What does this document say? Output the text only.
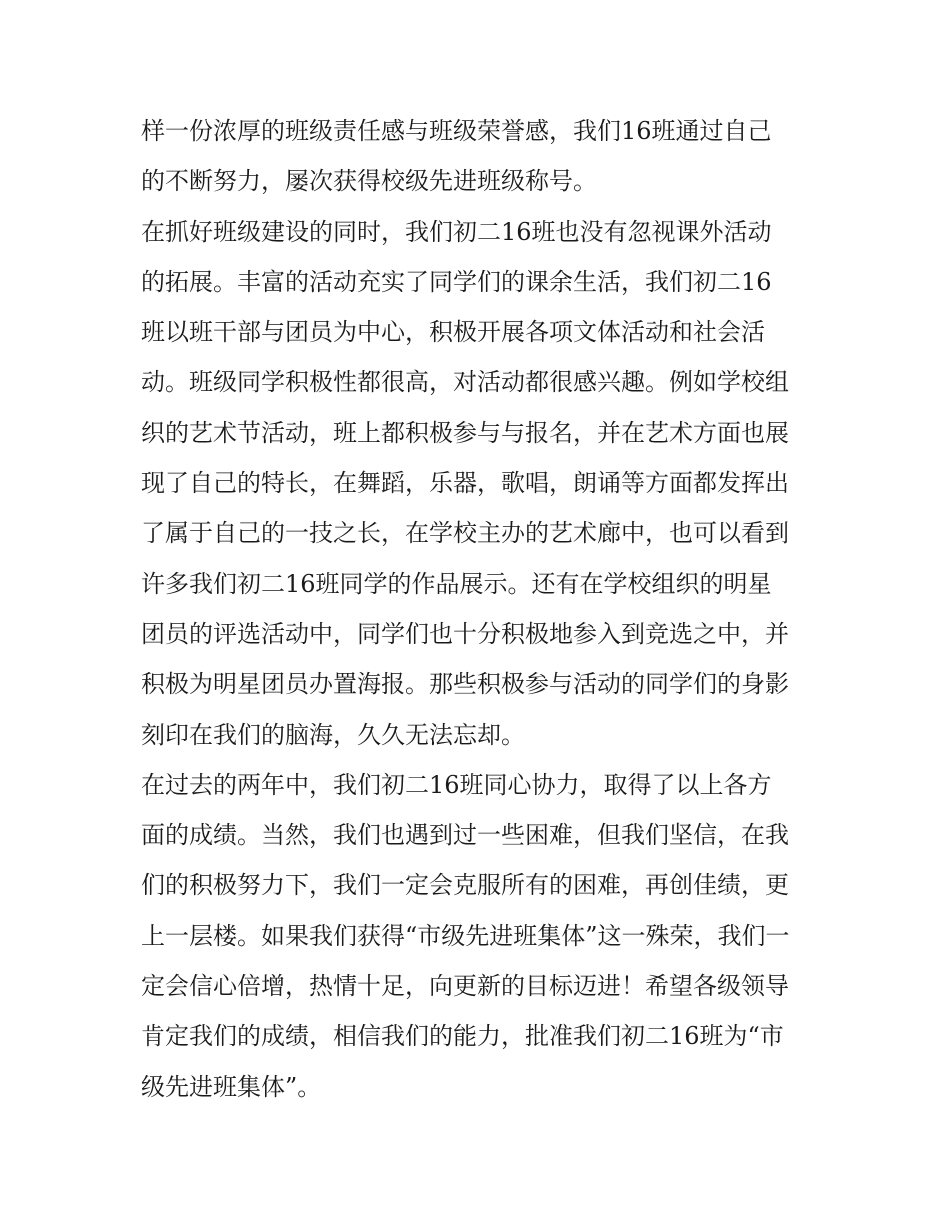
样一份浓厚的班级责任感与班级荣誉感，我们16班通过自己

的不断努力，屡次获得校级先进班级称号。

在抓好班级建设的同时，我们初二16班也没有忽视课外活动

的拓展。丰富的活动充实了同学们的课余生活，我们初二16

班以班干部与团员为中心，积极开展各项文体活动和社会活

动。班级同学积极性都很高，对活动都很感兴趣。例如学校组

织的艺术节活动，班上都积极参与与报名，并在艺术方面也展

现了自己的特长，在舞蹈，乐器，歌唱，朗诵等方面都发挥出

了属于自己的一技之长，在学校主办的艺术廊中，也可以看到

许多我们初二16班同学的作品展示。还有在学校组织的明星

团员的评选活动中，同学们也十分积极地参入到竞选之中，并

积极为明星团员办置海报。那些积极参与活动的同学们的身影

刻印在我们的脑海，久久无法忘却。

在过去的两年中，我们初二16班同心协力，取得了以上各方

面的成绩。当然，我们也遇到过一些困难，但我们坚信，在我

们的积极努力下，我们一定会克服所有的困难，再创佳绩，更

上一层楼。如果我们获得“市级先进班集体”这一殊荣，我们一

定会信心倍增，热情十足，向更新的目标迈进！希望各级领导

肯定我们的成绩，相信我们的能力，批准我们初二16班为“市

级先进班集体”。
